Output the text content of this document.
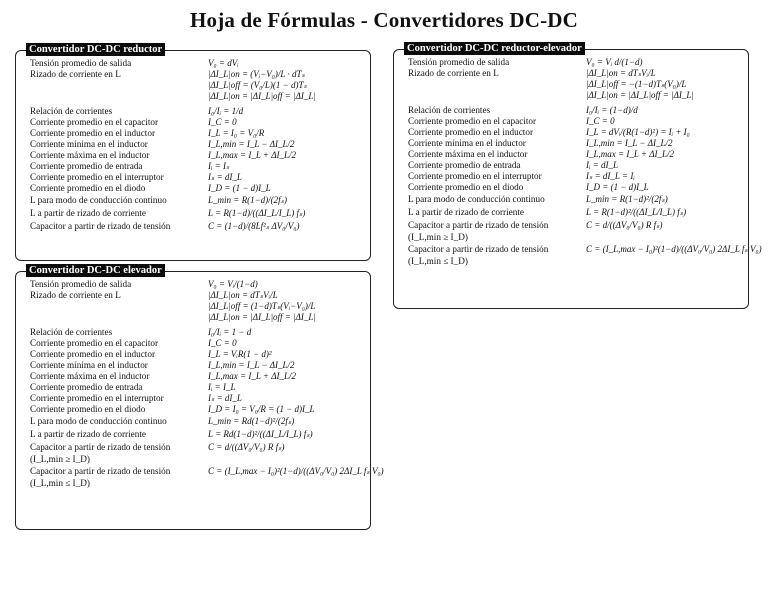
Hoja de Fórmulas - Convertidores DC-DC
Convertidor DC-DC reductor
Tensión promedio de salida	V₀ = dVᵢ
Rizado de corriente en L	|ΔI_L|on = (Vᵢ−V₀)/L · dTₛ
|ΔI_L|off = (V₀/L)(1 − d)Tₛ
|ΔI_L|on = |ΔI_L|off = |ΔI_L|
Relación de corrientes	I₀/Iᵢ = 1/d
Corriente promedio en el capacitor	I_C = 0
Corriente promedio en el inductor	I_L = I₀ = V₀/R
Corriente mínima en el inductor	I_L,min = I_L − ΔI_L/2
Corriente máxima en el inductor	I_L,max = I_L + ΔI_L/2
Corriente promedio de entrada	Iᵢ = Iₛ
Corriente promedio en el interruptor	Iₛ = dI_L
Corriente promedio en el diodo	I_D = (1 − d)I_L
L para modo de conducción continuo	L_min = R(1−d)/(2fₛ)
L a partir de rizado de corriente	L = R(1−d)/((ΔI_L/I_L) fₛ)
Capacitor a partir de rizado de tensión	C = (1−d)/(8Lf²ₛ ΔV₀/V₀)
Convertidor DC-DC elevador
Tensión promedio de salida	V₀ = Vᵢ/(1−d)
Rizado de corriente en L	|ΔI_L|on = dTₛVᵢ/L
|ΔI_L|off = (1−d)Tₛ(Vᵢ−V₀)/L
|ΔI_L|on = |ΔI_L|off = |ΔI_L|
Relación de corrientes	I₀/Iᵢ = 1 − d
Corriente promedio en el capacitor	I_C = 0
Corriente promedio en el inductor	I_L = VᵢR(1 − d)²
Corriente mínima en el inductor	I_L,min = I_L − ΔI_L/2
Corriente máxima en el inductor	I_L,max = I_L + ΔI_L/2
Corriente promedio de entrada	Iᵢ = I_L
Corriente promedio en el interruptor	Iₛ = dI_L
Corriente promedio en el diodo	I_D = I₀ = V₀/R = (1 − d)I_L
L para modo de conducción continuo	L_min = Rd(1−d)²/(2fₛ)
L a partir de rizado de corriente	L = Rd(1−d)²/((ΔI_L/I_L) fₛ)
Capacitor a partir de rizado de tensión	C = d/((ΔV₀/V₀) R fₛ)
(I_L,min ≥ I_D)
Capacitor a partir de rizado de tensión	C = (I_L,max − I₀)²(1−d)/((ΔV₀/V₀) 2ΔI_L fₛ V₀)
(I_L,min ≤ I_D)
Convertidor DC-DC reductor-elevador
Tensión promedio de salida	V₀ = Vᵢ d/(1−d)
Rizado de corriente en L	|ΔI_L|on = dTₛVᵢ/L
|ΔI_L|off = −(1−d)Tₛ(V₀)/L
|ΔI_L|on = |ΔI_L|off = |ΔI_L|
Relación de corrientes	I₀/Iᵢ = (1−d)/d
Corriente promedio en el capacitor	I_C = 0
Corriente promedio en el inductor	I_L = dVᵢ/(R(1−d)²) = Iᵢ + I₀
Corriente mínima en el inductor	I_L,min = I_L − ΔI_L/2
Corriente máxima en el inductor	I_L,max = I_L + ΔI_L/2
Corriente promedio de entrada	Iᵢ = dI_L
Corriente promedio en el interruptor	Iₛ = dI_L = Iᵢ
Corriente promedio en el diodo	I_D = (1 − d)I_L
L para modo de conducción continuo	L_min = R(1−d)²/(2fₛ)
L a partir de rizado de corriente	L = R(1−d)²/((ΔI_L/I_L) fₛ)
Capacitor a partir de rizado de tensión	C = d/((ΔV₀/V₀) R fₛ)
(I_L,min ≥ I_D)
Capacitor a partir de rizado de tensión	C = (I_L,max − I₀)²(1−d)/((ΔV₀/V₀) 2ΔI_L fₛ V₀)
(I_L,min ≤ I_D)
